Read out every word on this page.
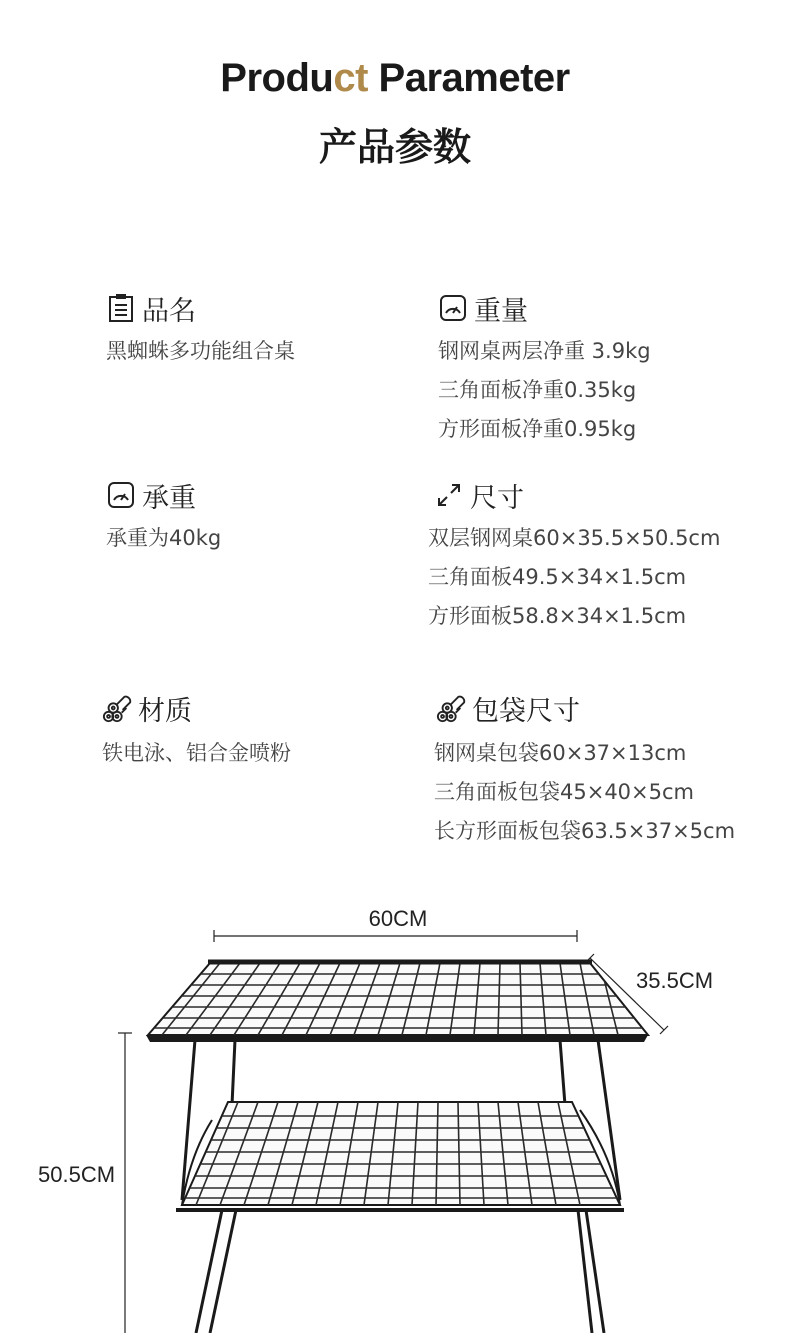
Product Parameter
产品参数
品名
黑蜘蛛多功能组合桌
重量
钢网桌两层净重 3.9kg
三角面板净重0.35kg
方形面板净重0.95kg
承重
承重为40kg
尺寸
双层钢网桌60×35.5×50.5cm
三角面板49.5×34×1.5cm
方形面板58.8×34×1.5cm
材质
铁电泳、铝合金喷粉
包袋尺寸
钢网桌包袋60×37×13cm
三角面板包袋45×40×5cm
长方形面板包袋63.5×37×5cm
60CM
35.5CM
50.5CM
